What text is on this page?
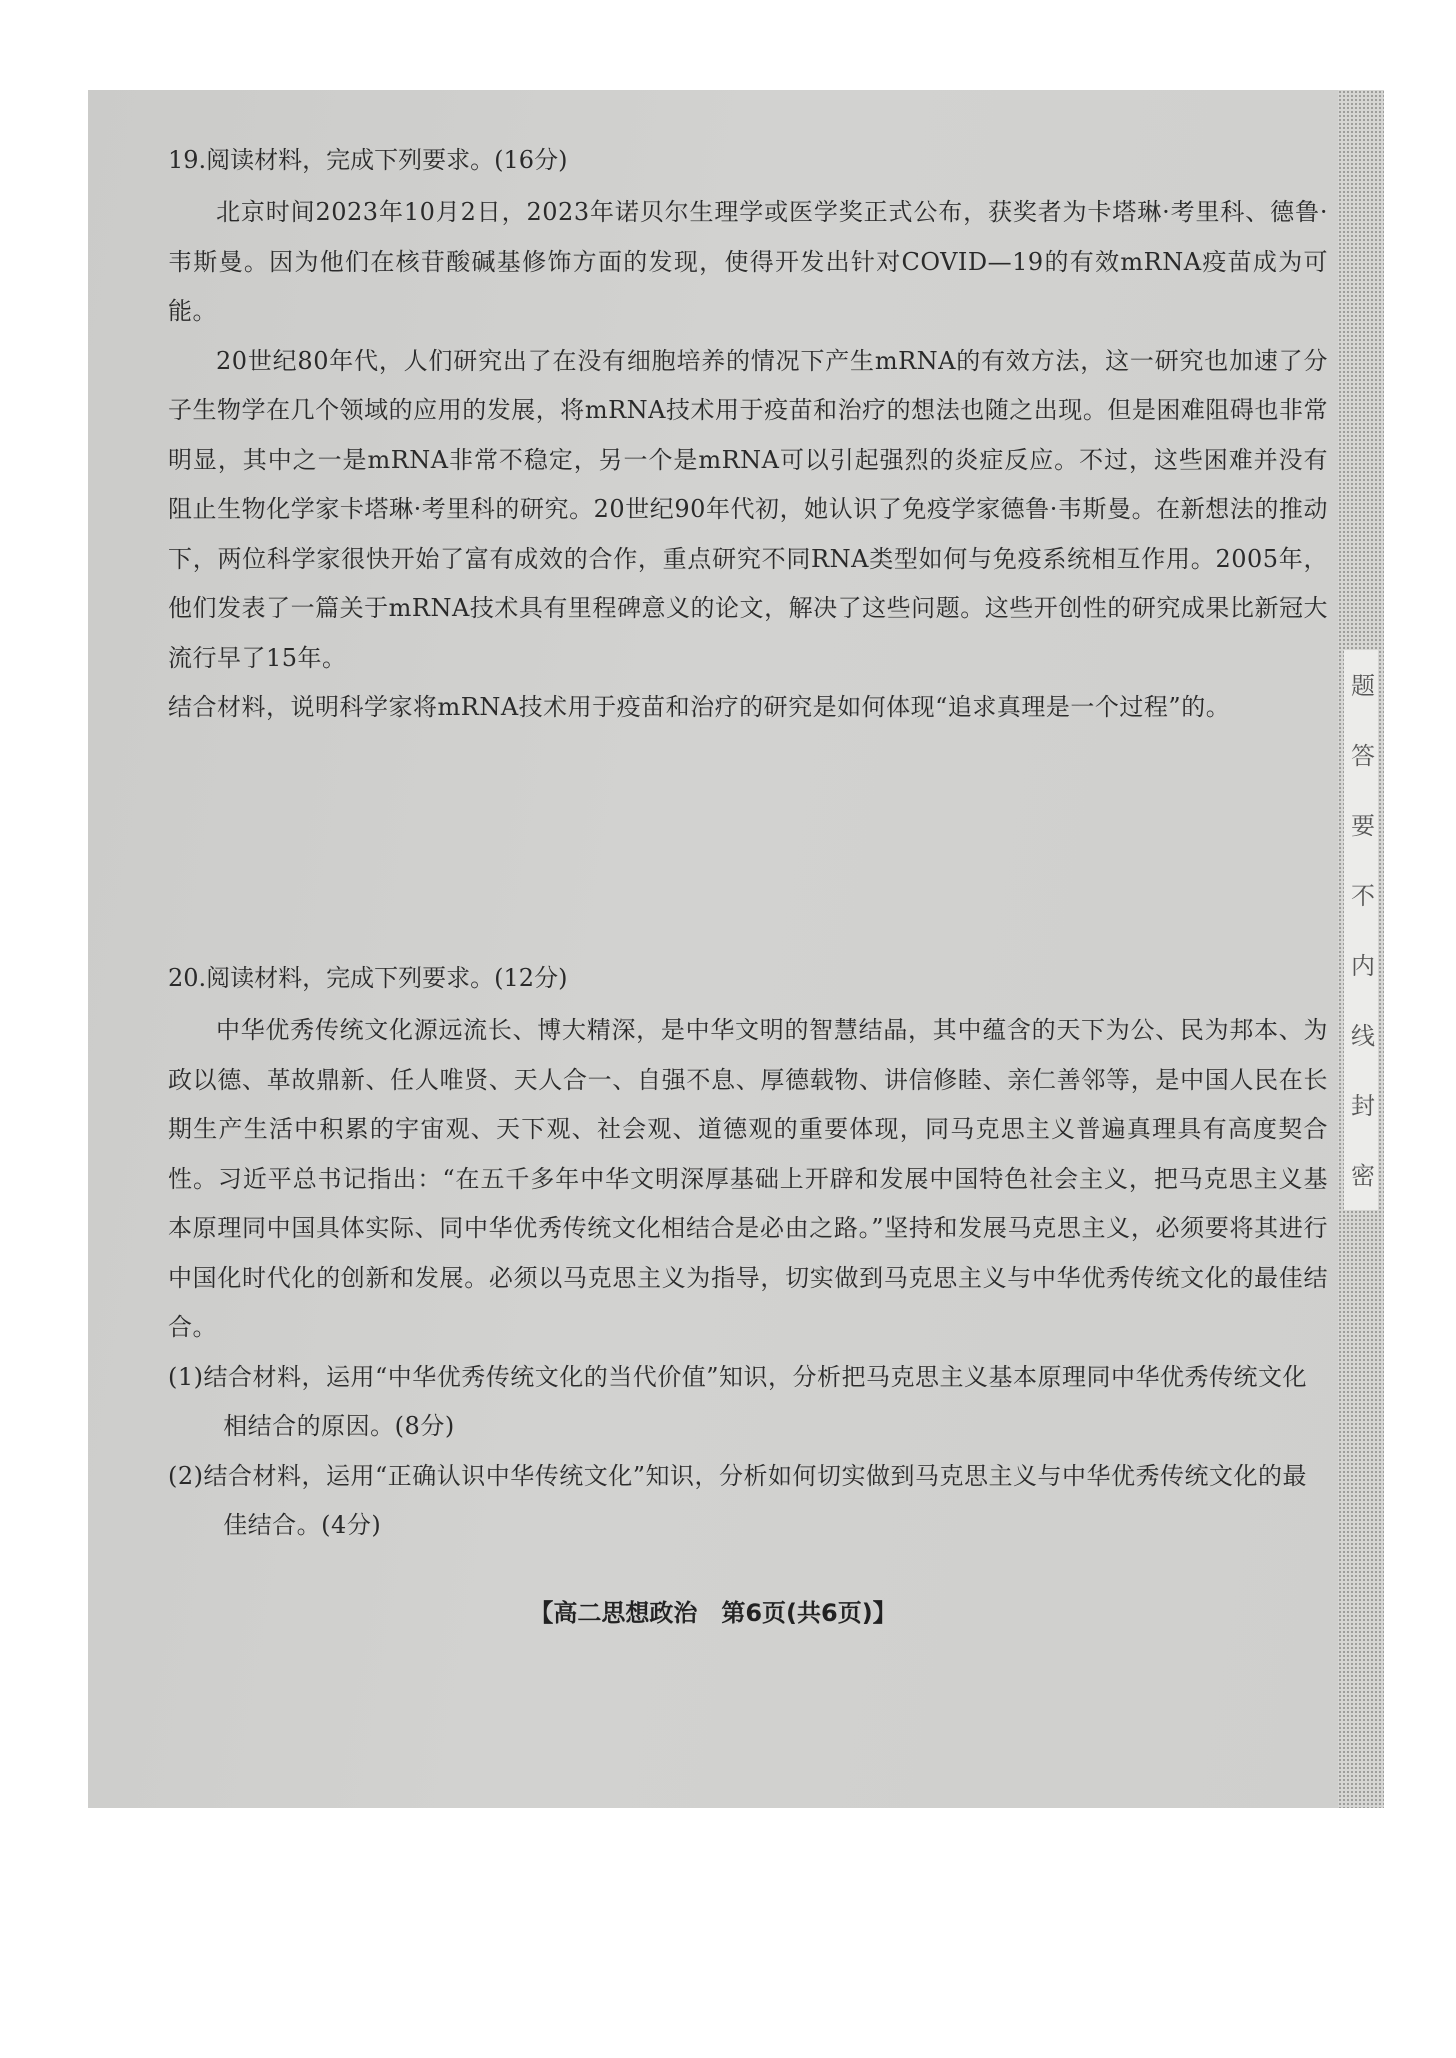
19.阅读材料，完成下列要求。(16分)

北京时间2023年10月2日，2023年诺贝尔生理学或医学奖正式公布，获奖者为卡塔琳·考里科、德鲁·韦斯曼。因为他们在核苷酸碱基修饰方面的发现，使得开发出针对COVID—19的有效mRNA疫苗成为可能。

20世纪80年代，人们研究出了在没有细胞培养的情况下产生mRNA的有效方法，这一研究也加速了分子生物学在几个领域的应用的发展，将mRNA技术用于疫苗和治疗的想法也随之出现。但是困难阻碍也非常明显，其中之一是mRNA非常不稳定，另一个是mRNA可以引起强烈的炎症反应。不过，这些困难并没有阻止生物化学家卡塔琳·考里科的研究。20世纪90年代初，她认识了免疫学家德鲁·韦斯曼。在新想法的推动下，两位科学家很快开始了富有成效的合作，重点研究不同RNA类型如何与免疫系统相互作用。2005年，他们发表了一篇关于mRNA技术具有里程碑意义的论文，解决了这些问题。这些开创性的研究成果比新冠大流行早了15年。

结合材料，说明科学家将mRNA技术用于疫苗和治疗的研究是如何体现“追求真理是一个过程”的。

20.阅读材料，完成下列要求。(12分)

中华优秀传统文化源远流长、博大精深，是中华文明的智慧结晶，其中蕴含的天下为公、民为邦本、为政以德、革故鼎新、任人唯贤、天人合一、自强不息、厚德载物、讲信修睦、亲仁善邻等，是中国人民在长期生产生活中积累的宇宙观、天下观、社会观、道德观的重要体现，同马克思主义普遍真理具有高度契合性。习近平总书记指出：“在五千多年中华文明深厚基础上开辟和发展中国特色社会主义，把马克思主义基本原理同中国具体实际、同中华优秀传统文化相结合是必由之路。”坚持和发展马克思主义，必须要将其进行中国化时代化的创新和发展。必须以马克思主义为指导，切实做到马克思主义与中华优秀传统文化的最佳结合。

(1)结合材料，运用“中华优秀传统文化的当代价值”知识，分析把马克思主义基本原理同中华优秀传统文化相结合的原因。(8分)

(2)结合材料，运用“正确认识中华传统文化”知识，分析如何切实做到马克思主义与中华优秀传统文化的最佳结合。(4分)

【高二思想政治　第6页(共6页)】
题
答
要
不
内
线
封
密
